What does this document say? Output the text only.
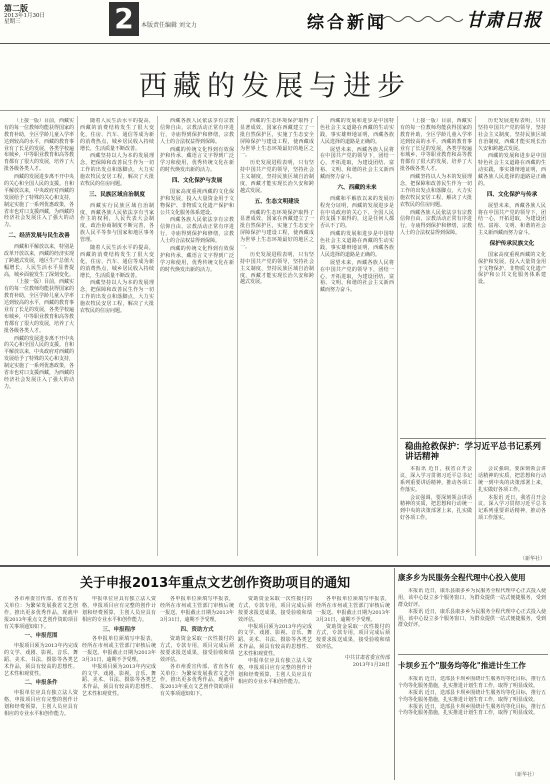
第二版
2013年1月30日
星期三	2	本版责任编辑 刘文力	综合新闻	甘肃日报
西藏的发展与进步

（上接一版）目前，西藏实有的每一位教师均能获得国家的教育补助，全区学龄儿童入学率达到较高的水平，西藏的教育事业有了长足的发展，各类学校遍布城乡，中等职业教育和高等教育都有了很大的发展，培养了大批各级各类人才。

西藏的发展进步离不开中央的关心和全国人民的支援。自和平解放以来，中央政府对西藏的发展给予了特殊的关心和支持，制定实施了一系列优惠政策，各省市也对口支援西藏，为西藏的经济社会发展注入了强大的动力。

二、经济发展与民生改善

西藏和平解放以来，特别是改革开放以来，西藏的经济实现了跨越式发展，地区生产总值大幅增长，人民生活水平显著提高，城乡面貌发生了深刻变化。

（上接一版）目前，西藏实有的每一位教师均能获得国家的教育补助，全区学龄儿童入学率达到较高的水平，西藏的教育事业有了长足的发展，各类学校遍布城乡，中等职业教育和高等教育都有了很大的发展，培养了大批各级各类人才。

西藏的发展进步离不开中央的关心和全国人民的支援。自和平解放以来，中央政府对西藏的发展给予了特殊的关心和支持，制定实施了一系列优惠政策，各省市也对口支援西藏，为西藏的经济社会发展注入了强大的动力。

随着人民生活水平的提高，西藏的消费结构发生了很大变化，住房、汽车、通信等成为新的消费热点，城乡居民收入持续增长，生活质量不断改善。

西藏坚持以人为本的发展理念，把保障和改善民生作为一切工作的出发点和落脚点，大力实施农牧民安居工程，解决了大批农牧民的住房问题。

三、民族区域自治制度

西藏实行民族区域自治制度，西藏各族人民依法享有当家作主的权利，人民代表大会制度、政治协商制度不断完善，各族人民平等参与国家和地区事务管理。

随着人民生活水平的提高，西藏的消费结构发生了很大变化，住房、汽车、通信等成为新的消费热点，城乡居民收入持续增长，生活质量不断改善。

西藏坚持以人为本的发展理念，把保障和改善民生作为一切工作的出发点和落脚点，大力实施农牧民安居工程，解决了大批农牧民的住房问题。

西藏各族人民依法享有宗教信仰自由，宗教活动正常有序进行，寺庙得到保护和修缮，宗教人士的合法权益得到保障。

西藏的传统文化得到有效保护和传承，藏语言文字得到广泛学习和使用，优秀传统文化在新的时代焕发出新的活力。

四、文化保护与发展

国家高度重视西藏的文化保护和发展，投入大量资金用于文物保护、非物质文化遗产保护和公共文化服务体系建设。

西藏各族人民依法享有宗教信仰自由，宗教活动正常有序进行，寺庙得到保护和修缮，宗教人士的合法权益得到保障。

西藏的传统文化得到有效保护和传承，藏语言文字得到广泛学习和使用，优秀传统文化在新的时代焕发出新的活力。

西藏的生态环境保护取得了显著成效，国家在西藏建立了一批自然保护区，实施了生态安全屏障保护与建设工程，使西藏成为世界上生态环境最好的地区之一。

历史发展进程表明，只有坚持中国共产党的领导，坚持社会主义制度，坚持民族区域自治制度，西藏才能实现长治久安和跨越式发展。

五、生态文明建设

西藏的生态环境保护取得了显著成效，国家在西藏建立了一批自然保护区，实施了生态安全屏障保护与建设工程，使西藏成为世界上生态环境最好的地区之一。

历史发展进程表明，只有坚持中国共产党的领导，坚持社会主义制度，坚持民族区域自治制度，西藏才能实现长治久安和跨越式发展。

西藏的发展和进步是中国特色社会主义道路在西藏的生动实践，事实雄辩地证明，西藏各族人民选择的道路是正确的。

展望未来，西藏各族人民将在中国共产党的领导下，团结一心，开拓进取，为建设团结、富裕、文明、和谐的社会主义新西藏而努力奋斗。

六、西藏的未来

西藏和平解放以来的发展历程充分证明，西藏的发展进步是在中央政府的关心下、全国人民的支援下取得的，这是任何人都否认不了的。

西藏的发展和进步是中国特色社会主义道路在西藏的生动实践，事实雄辩地证明，西藏各族人民选择的道路是正确的。

展望未来，西藏各族人民将在中国共产党的领导下，团结一心，开拓进取，为建设团结、富裕、文明、和谐的社会主义新西藏而努力奋斗。

（上接一版）目前，西藏实有的每一位教师均能获得国家的教育补助，全区学龄儿童入学率达到较高的水平，西藏的教育事业有了长足的发展，各类学校遍布城乡，中等职业教育和高等教育都有了很大的发展，培养了大批各级各类人才。

西藏坚持以人为本的发展理念，把保障和改善民生作为一切工作的出发点和落脚点，大力实施农牧民安居工程，解决了大批农牧民的住房问题。

西藏各族人民依法享有宗教信仰自由，宗教活动正常有序进行，寺庙得到保护和修缮，宗教人士的合法权益得到保障。

历史发展进程表明，只有坚持中国共产党的领导，坚持社会主义制度，坚持民族区域自治制度，西藏才能实现长治久安和跨越式发展。

西藏的发展和进步是中国特色社会主义道路在西藏的生动实践，事实雄辩地证明，西藏各族人民选择的道路是正确的。

四、文化保护与传承

展望未来，西藏各族人民将在中国共产党的领导下，团结一心，开拓进取，为建设团结、富裕、文明、和谐的社会主义新西藏而努力奋斗。

保护传承民族文化

国家高度重视西藏的文化保护和发展，投入大量资金用于文物保护、非物质文化遗产保护和公共文化服务体系建设。

稳曲抢救保护：学习近平总书记系列讲话精神

本报讯 近日，我省召开会议，深入学习贯彻习近平总书记系列重要讲话精神，推动各项工作落实。

会议强调，要深刻领会讲话精神的实质，把思想和行动统一到中央的决策部署上来，扎实做好各项工作。

会议强调，要深刻领会讲话精神的实质，把思想和行动统一到中央的决策部署上来，扎实做好各项工作。

本报讯 近日，我省召开会议，深入学习贯彻习近平总书记系列重要讲话精神，推动各项工作落实。

（新华社）
关于申报2013年重点文艺创作资助项目的通知

各市州委宣传部、省直各有关单位：为繁荣发展我省文艺创作，推出更多优秀作品，现就申报2013年重点文艺创作资助项目有关事项通知如下。

一、申报范围

申报项目须为2013年内完成的文学、戏剧、影视、音乐、舞蹈、美术、书法、摄影等各类艺术作品，须具有较高的思想性、艺术性和观赏性。

二、申报条件

申报单位应具有独立法人资格，申报项目应有完整的创作计划和经费预算，主创人员应具有相应的专业水平和创作能力。

申报单位应具有独立法人资格，申报项目应有完整的创作计划和经费预算，主创人员应具有相应的专业水平和创作能力。

三、申报程序

各申报单位须填写申报表，经所在市州或主管部门审核后统一报送。申报截止日期为2013年3月31日，逾期不予受理。

申报项目须为2013年内完成的文学、戏剧、影视、音乐、舞蹈、美术、书法、摄影等各类艺术作品，须具有较高的思想性、艺术性和观赏性。

各申报单位须填写申报表，经所在市州或主管部门审核后统一报送。申报截止日期为2013年3月31日，逾期不予受理。

四、资助方式

资助资金采取一次性拨付的方式，专款专用，项目完成后须按要求报送成果，接受验收和绩效评估。

各市州委宣传部、省直各有关单位：为繁荣发展我省文艺创作，推出更多优秀作品，现就申报2013年重点文艺创作资助项目有关事项通知如下。

资助资金采取一次性拨付的方式，专款专用，项目完成后须按要求报送成果，接受验收和绩效评估。

申报项目须为2013年内完成的文学、戏剧、影视、音乐、舞蹈、美术、书法、摄影等各类艺术作品，须具有较高的思想性、艺术性和观赏性。

申报单位应具有独立法人资格，申报项目应有完整的创作计划和经费预算，主创人员应具有相应的专业水平和创作能力。

各申报单位须填写申报表，经所在市州或主管部门审核后统一报送。申报截止日期为2013年3月31日，逾期不予受理。

资助资金采取一次性拨付的方式，专款专用，项目完成后须按要求报送成果，接受验收和绩效评估。

中共甘肃省委宣传部
2013年1月28日
康多乡为民服务全程代理中心投入使用

本报讯 近日，康乐县康多乡为民服务全程代理中心正式投入使用，该中心设立多个服务窗口，为群众提供一站式便捷服务，受到群众好评。

本报讯 近日，康乐县康多乡为民服务全程代理中心正式投入使用，该中心设立多个服务窗口，为群众提供一站式便捷服务，受到群众好评。

卡坝乡五个"服务均等化"推进计生工作

本报讯 近日，迭部县卡坝乡围绕计生服务均等化目标，推行五个均等化服务措施，扎实推进计划生育工作，取得了明显成效。

本报讯 近日，迭部县卡坝乡围绕计生服务均等化目标，推行五个均等化服务措施，扎实推进计划生育工作，取得了明显成效。

本报讯 近日，迭部县卡坝乡围绕计生服务均等化目标，推行五个均等化服务措施，扎实推进计划生育工作，取得了明显成效。

（新华社）
